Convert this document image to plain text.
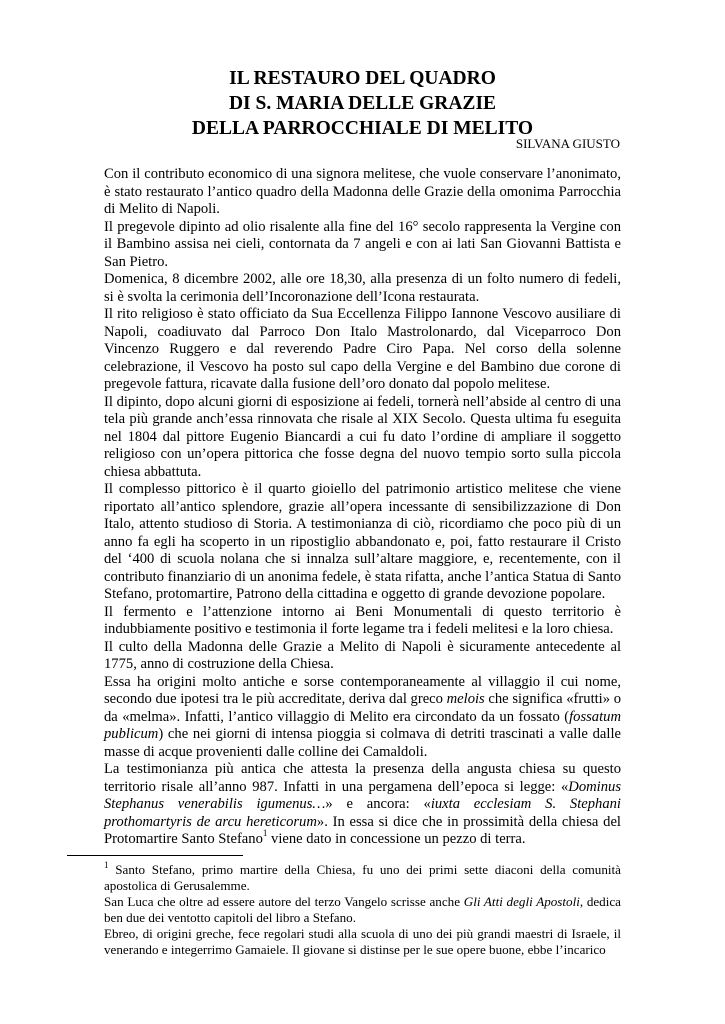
IL RESTAURO DEL QUADRO
DI S. MARIA DELLE GRAZIE
DELLA PARROCCHIALE DI MELITO
SILVANA GIUSTO

Con il contributo economico di una signora melitese, che vuole conservare l’anonimato, è stato restaurato l’antico quadro della Madonna delle Grazie della omonima Parrocchia di Melito di Napoli.

Il pregevole dipinto ad olio risalente alla fine del 16° secolo rappresenta la Vergine con il Bambino assisa nei cieli, contornata da 7 angeli e con ai lati San Giovanni Battista e San Pietro.

Domenica, 8 dicembre 2002, alle ore 18,30, alla presenza di un folto numero di fedeli, si è svolta la cerimonia dell’Incoronazione dell’Icona restaurata.

Il rito religioso è stato officiato da Sua Eccellenza Filippo Iannone Vescovo ausiliare di Napoli, coadiuvato dal Parroco Don Italo Mastrolonardo, dal Viceparroco Don Vincenzo Ruggero e dal reverendo Padre Ciro Papa. Nel corso della solenne celebrazione, il Vescovo ha posto sul capo della Vergine e del Bambino due corone di pregevole fattura, ricavate dalla fusione dell’oro donato dal popolo melitese.

Il dipinto, dopo alcuni giorni di esposizione ai fedeli, tornerà nell’abside al centro di una tela più grande anch’essa rinnovata che risale al XIX Secolo. Questa ultima fu eseguita nel 1804 dal pittore Eugenio Biancardi a cui fu dato l’ordine di ampliare il soggetto religioso con un’opera pittorica che fosse degna del nuovo tempio sorto sulla piccola chiesa abbattuta.

Il complesso pittorico è il quarto gioiello del patrimonio artistico melitese che viene riportato all’antico splendore, grazie all’opera incessante di sensibilizzazione di Don Italo, attento studioso di Storia. A testimonianza di ciò, ricordiamo che poco più di un anno fa egli ha scoperto in un ripostiglio abbandonato e, poi, fatto restaurare il Cristo del ‘400 di scuola nolana che si innalza sull’altare maggiore, e, recentemente, con il contributo finanziario di un anonima fedele, è stata rifatta, anche l’antica Statua di Santo Stefano, protomartire, Patrono della cittadina e oggetto di grande devozione popolare.

Il fermento e l’attenzione intorno ai Beni Monumentali di questo territorio è indubbiamente positivo e testimonia il forte legame tra i fedeli melitesi e la loro chiesa.

Il culto della Madonna delle Grazie a Melito di Napoli è sicuramente antecedente al 1775, anno di costruzione della Chiesa.

Essa ha origini molto antiche e sorse contemporaneamente al villaggio il cui nome, secondo due ipotesi tra le più accreditate, deriva dal greco melois che significa «frutti» o da «melma». Infatti, l’antico villaggio di Melito era circondato da un fossato (fossatum publicum) che nei giorni di intensa pioggia si colmava di detriti trascinati a valle dalle masse di acque provenienti dalle colline dei Camaldoli.

La testimonianza più antica che attesta la presenza della angusta chiesa su questo territorio risale all’anno 987. Infatti in una pergamena dell’epoca si legge: «Dominus Stephanus venerabilis igumenus…» e ancora: «iuxta ecclesiam S. Stephani prothomartyris de arcu hereticorum». In essa si dice che in prossimità della chiesa del Protomartire Santo Stefano$^1$ viene dato in concessione un pezzo di terra.

$^1$ Santo Stefano, primo martire della Chiesa, fu uno dei primi sette diaconi della comunità apostolica di Gerusalemme.

San Luca che oltre ad essere autore del terzo Vangelo scrisse anche Gli Atti degli Apostoli, dedica ben due dei ventotto capitoli del libro a Stefano.

Ebreo, di origini greche, fece regolari studi alla scuola di uno dei più grandi maestri di Israele, il venerando e integerrimo Gamaiele. Il giovane si distinse per le sue opere buone, ebbe l’incarico
